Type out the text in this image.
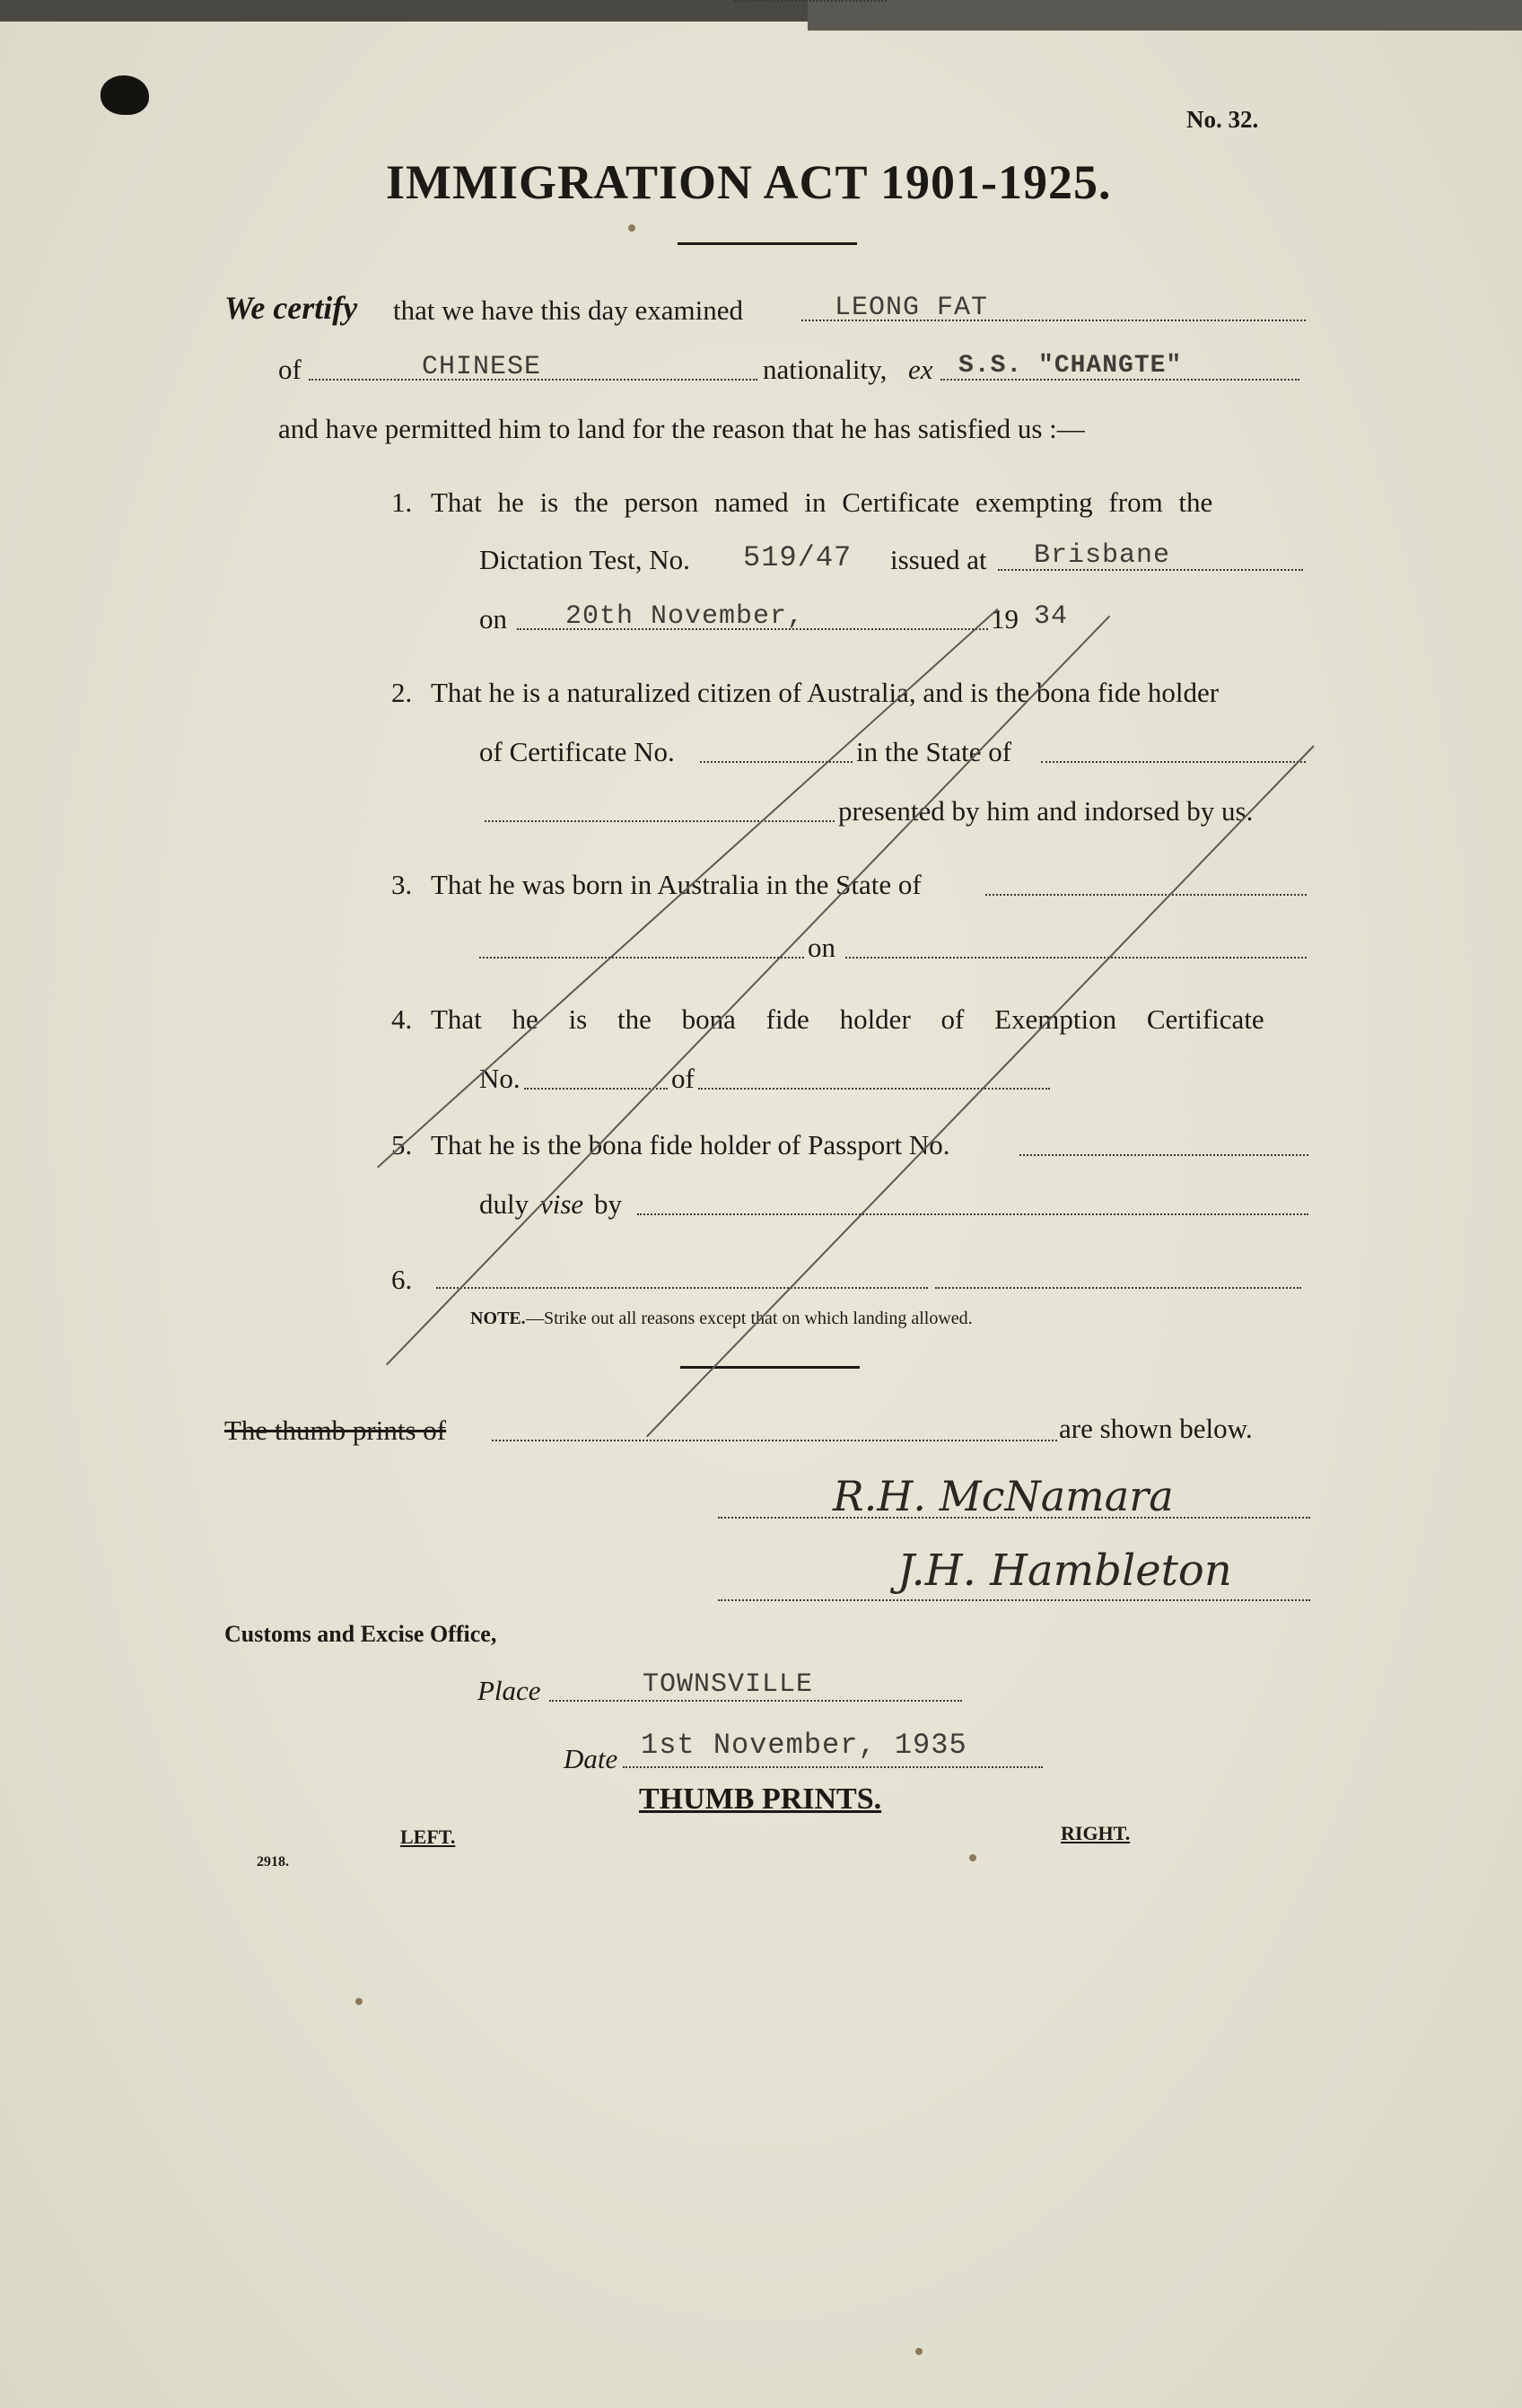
No. 32.
IMMIGRATION ACT 1901-1925.
We certify that we have this day examined	LEONG FAT
of	CHINESE	nationality, ex S.S. "CHANGTE"
and have permitted him to land for the reason that he has satisfied us :—
1. That he is the person named in Certificate exempting from the
Dictation Test, No. 519/47 issued at Brisbane
on 20th November,	19 34
2. That he is a naturalized citizen of Australia, and is the bona fide holder
of Certificate No.	in the State of
presented by him and indorsed by us.
3. That he was born in Australia in the State of
on
4. That he is the bona fide holder of Exemption Certificate
No.	of
5. That he is the bona fide holder of Passport No.
duly vise by
6.
NOTE. —Strike out all reasons except that on which landing allowed.
The thumb prints of	are shown below.
R.H. McNamara
J.H. Hambleton
Customs and Excise Office,
Place	TOWNSVILLE
Date 1st November, 1935
THUMB PRINTS.
LEFT.	RIGHT.
2918.
